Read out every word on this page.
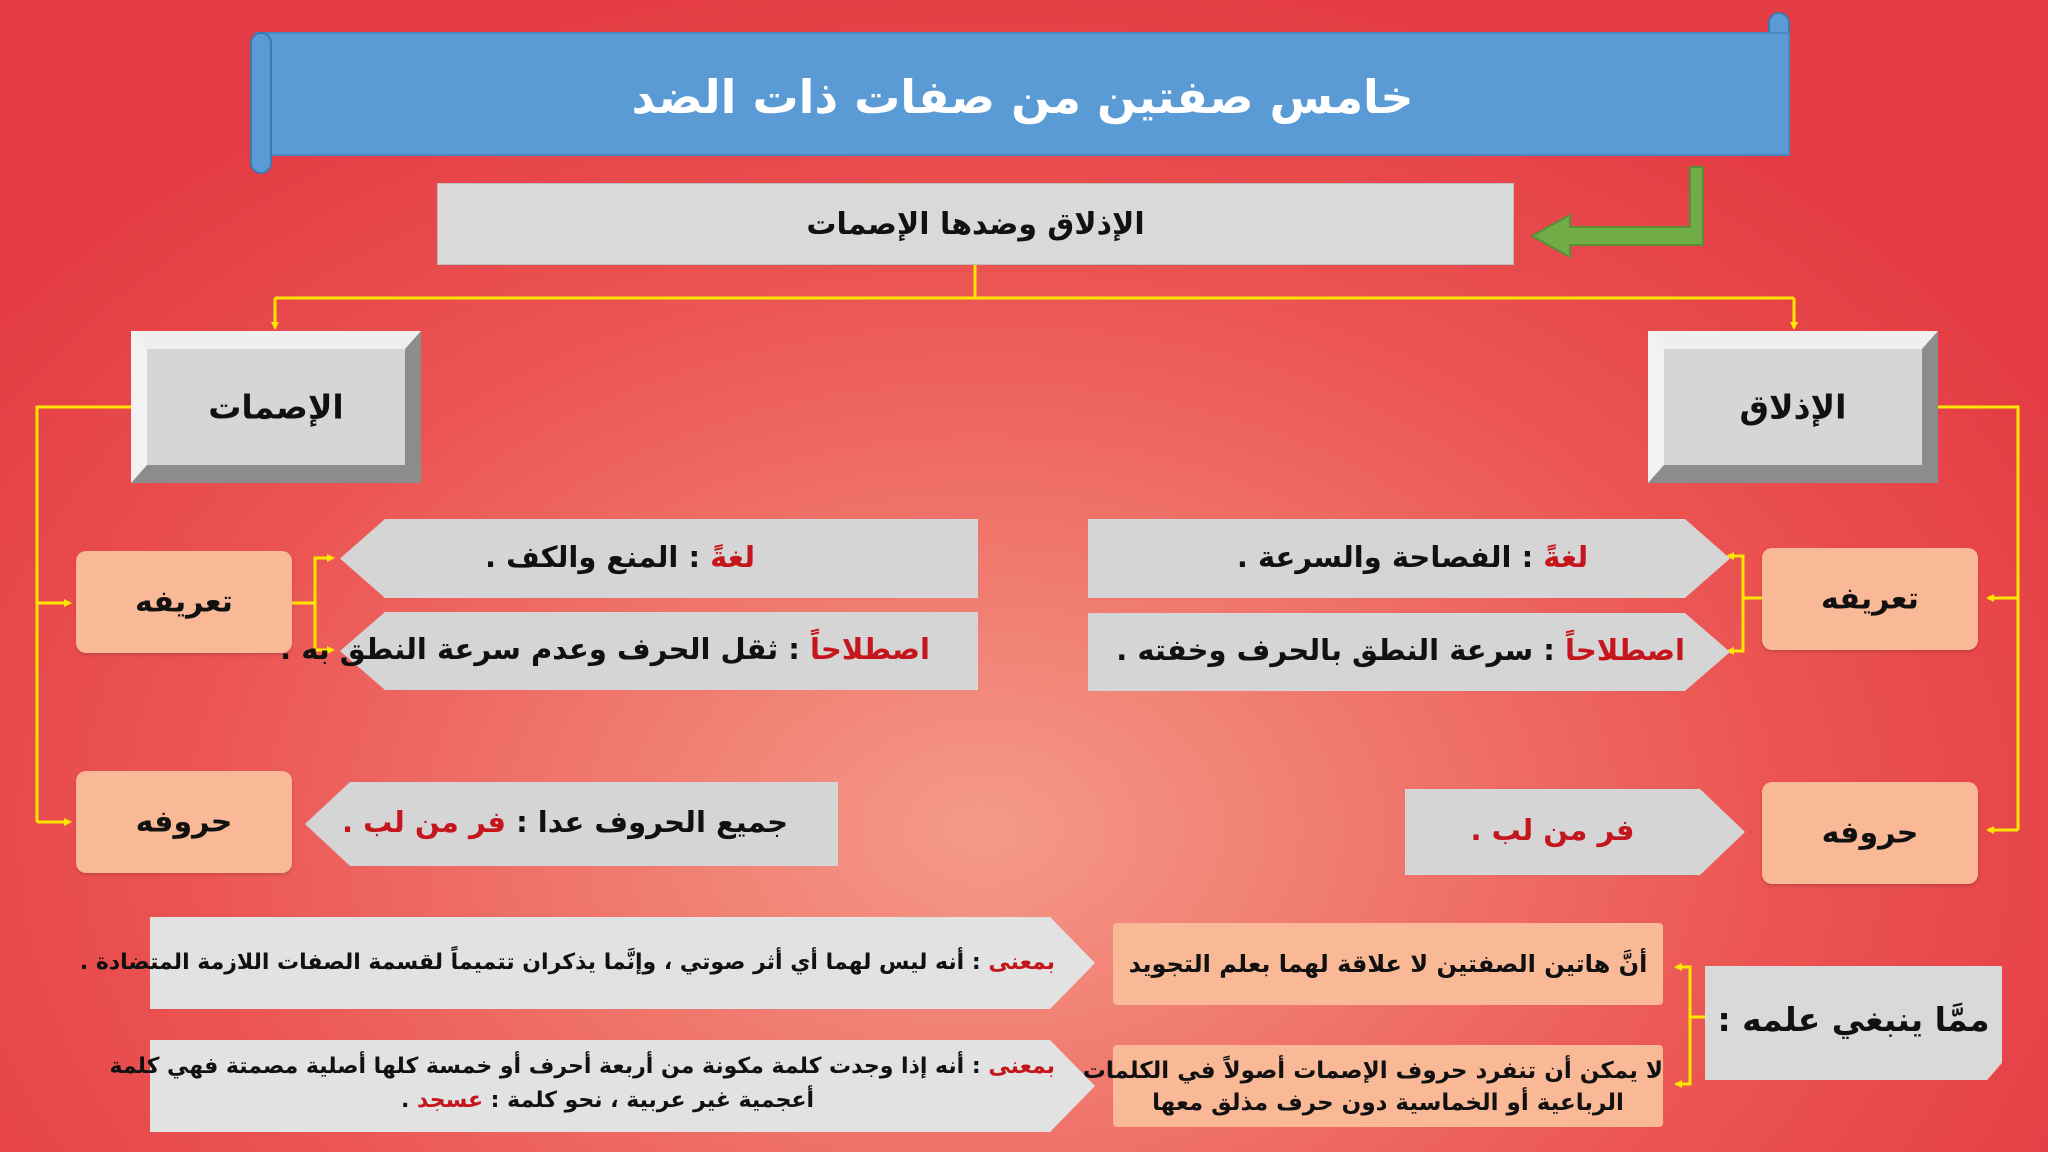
خامس صفتين من صفات ذات الضد
الإذلاق وضدها الإصمات
الإصمات	الإذلاق
تعريفه
حروفه
تعريفه
حروفه
لغةً : المنع والكف .
اصطلاحاً : ثقل الحرف وعدم سرعة النطق به .
جميع الحروف عدا : فر من لب .
لغةً : الفصاحة والسرعة .
اصطلاحاً : سرعة النطق بالحرف وخفته .
فر من لب .
ممَّا ينبغي علمه :
أنَّ هاتين الصفتين لا علاقة لهما بعلم التجويد
لا يمكن أن تنفرد حروف الإصمات أصولاً في الكلمات
الرباعية أو الخماسية دون حرف مذلق معها
بمعنى : أنه ليس لهما أي أثر صوتي ، وإنَّما يذكران تتميماً لقسمة الصفات اللازمة المتضادة .
بمعنى : أنه إذا وجدت كلمة مكونة من أربعة أحرف أو خمسة كلها أصلية مصمتة فهي كلمة
أعجمية غير عربية ، نحو كلمة : عسجد .
